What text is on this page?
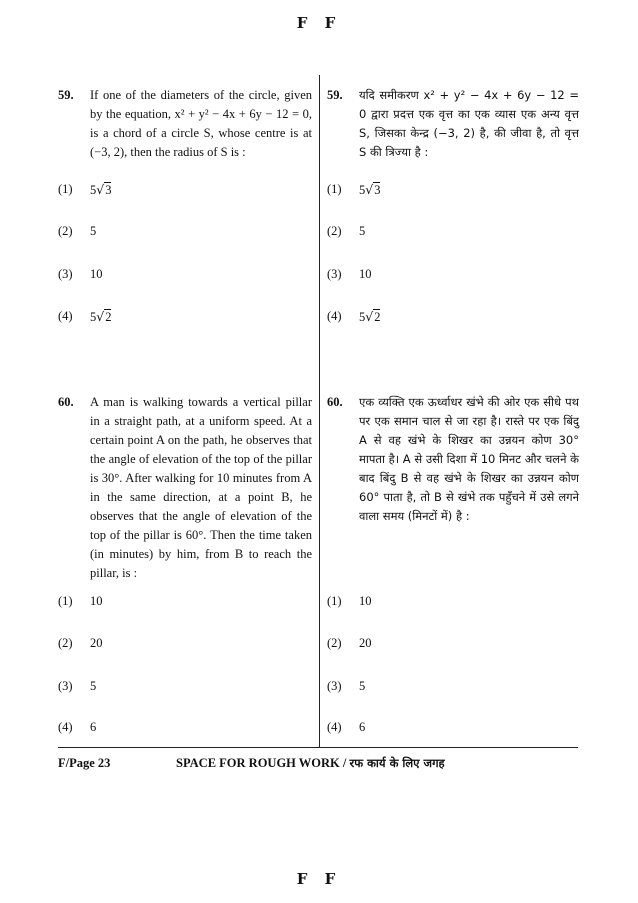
F F
59. If one of the diameters of the circle, given by the equation, x² + y² − 4x + 6y − 12 = 0, is a chord of a circle S, whose centre is at (−3, 2), then the radius of S is :
(1) 5√3
(2) 5
(3) 10
(4) 5√2
60. A man is walking towards a vertical pillar in a straight path, at a uniform speed. At a certain point A on the path, he observes that the angle of elevation of the top of the pillar is 30°. After walking for 10 minutes from A in the same direction, at a point B, he observes that the angle of elevation of the top of the pillar is 60°. Then the time taken (in minutes) by him, from B to reach the pillar, is :
(1) 10
(2) 20
(3) 5
(4) 6
59. यदि समीकरण x² + y² − 4x + 6y − 12 = 0 द्वारा प्रदत्त एक वृत्त का एक व्यास एक अन्य वृत्त S, जिसका केन्द्र (−3, 2) है, की जीवा है, तो वृत्त S की त्रिज्या है :
(1) 5√3
(2) 5
(3) 10
(4) 5√2
60. एक व्यक्ति एक ऊर्ध्वाधर खंभे की ओर एक सीधे पथ पर एक समान चाल से जा रहा है। रास्ते पर एक बिंदु A से वह खंभे के शिखर का उन्नयन कोण 30° मापता है। A से उसी दिशा में 10 मिनट और चलने के बाद बिंदु B से वह खंभे के शिखर का उन्नयन कोण 60° पाता है, तो B से खंभे तक पहुँचने में उसे लगने वाला समय (मिनटों में) है :
(1) 10
(2) 20
(3) 5
(4) 6
F/Page 23	SPACE FOR ROUGH WORK / रफ कार्य के लिए जगह
F F
